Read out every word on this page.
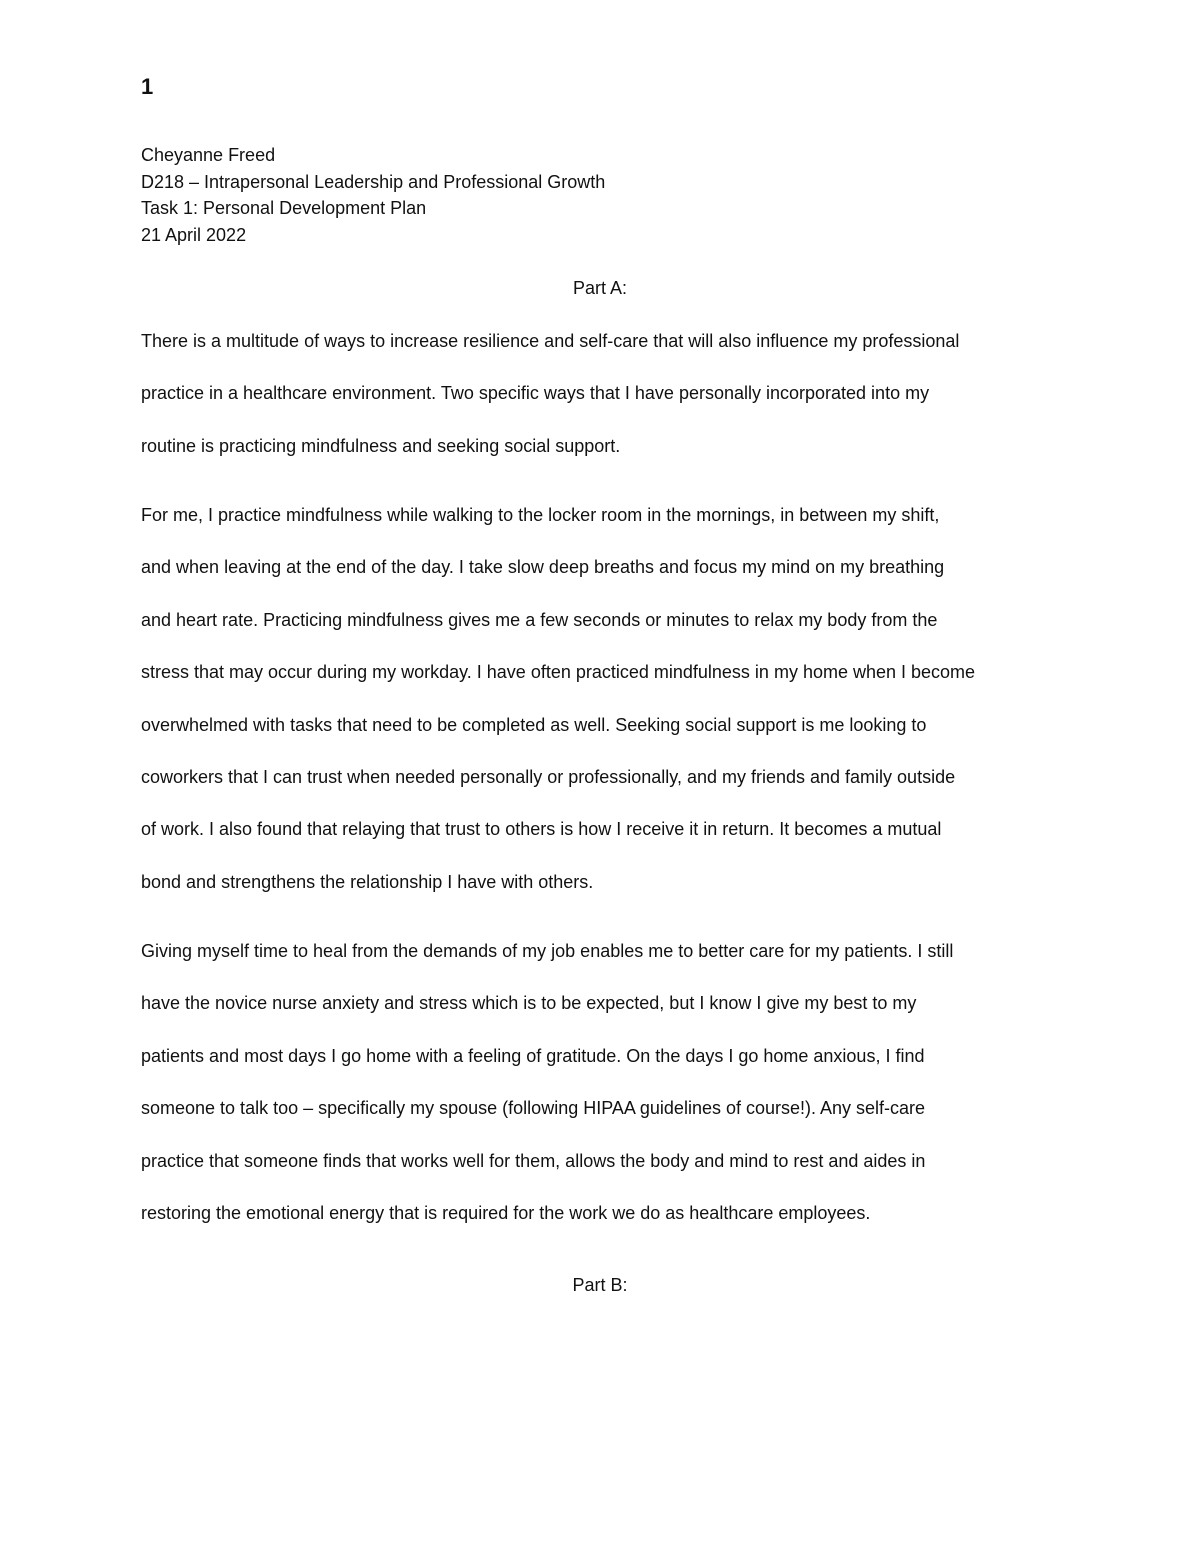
1
Cheyanne Freed
D218 – Intrapersonal Leadership and Professional Growth
Task 1: Personal Development Plan
21 April 2022
Part A:
There is a multitude of ways to increase resilience and self-care that will also influence my professional
practice in a healthcare environment. Two specific ways that I have personally incorporated into my
routine is practicing mindfulness and seeking social support.
For me, I practice mindfulness while walking to the locker room in the mornings, in between my shift,
and when leaving at the end of the day. I take slow deep breaths and focus my mind on my breathing
and heart rate. Practicing mindfulness gives me a few seconds or minutes to relax my body from the
stress that may occur during my workday. I have often practiced mindfulness in my home when I become
overwhelmed with tasks that need to be completed as well. Seeking social support is me looking to
coworkers that I can trust when needed personally or professionally, and my friends and family outside
of work. I also found that relaying that trust to others is how I receive it in return. It becomes a mutual
bond and strengthens the relationship I have with others.
Giving myself time to heal from the demands of my job enables me to better care for my patients. I still
have the novice nurse anxiety and stress which is to be expected, but I know I give my best to my
patients and most days I go home with a feeling of gratitude. On the days I go home anxious, I find
someone to talk too – specifically my spouse (following HIPAA guidelines of course!). Any self-care
practice that someone finds that works well for them, allows the body and mind to rest and aides in
restoring the emotional energy that is required for the work we do as healthcare employees.
Part B:
